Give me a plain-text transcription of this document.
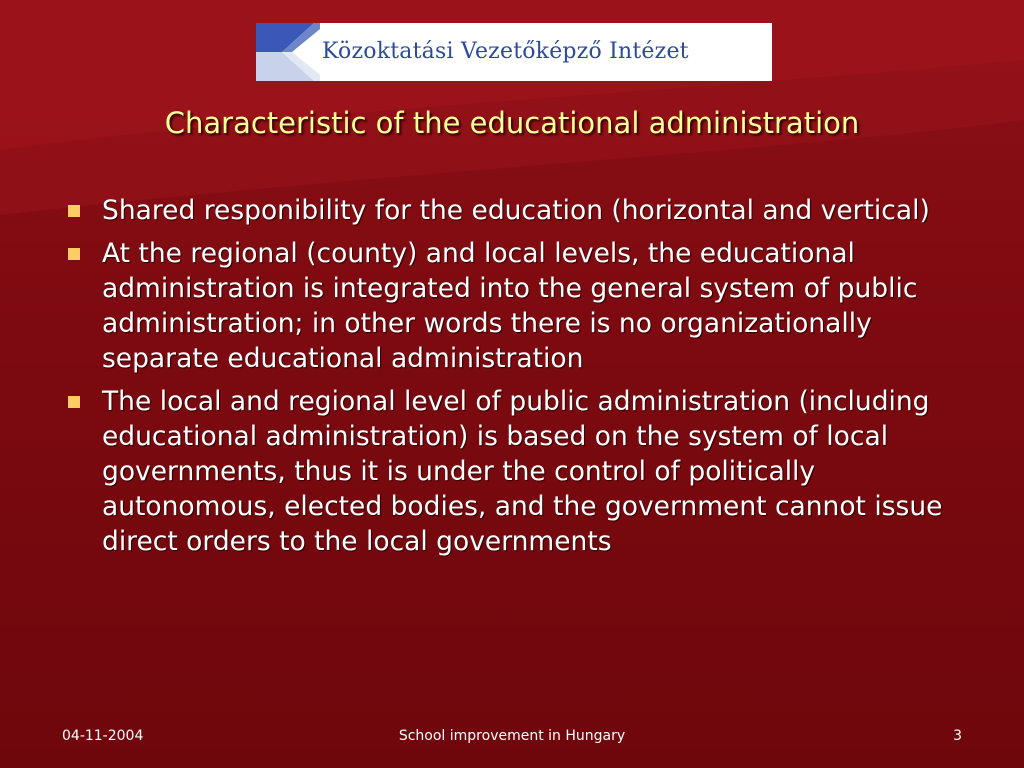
Közoktatási Vezetőképző Intézet
Characteristic of the educational administration
Shared responibility for the education (horizontal and vertical)
At the regional (county) and local levels, the educational administration is integrated into the general system of public administration; in other words there is no organizationally separate educational administration
The local and regional level of public administration (including educational administration) is based on the system of local governments, thus it is under the control of politically autonomous, elected bodies, and the government cannot issue direct orders to the local governments
04-11-2004	School improvement in Hungary	3
